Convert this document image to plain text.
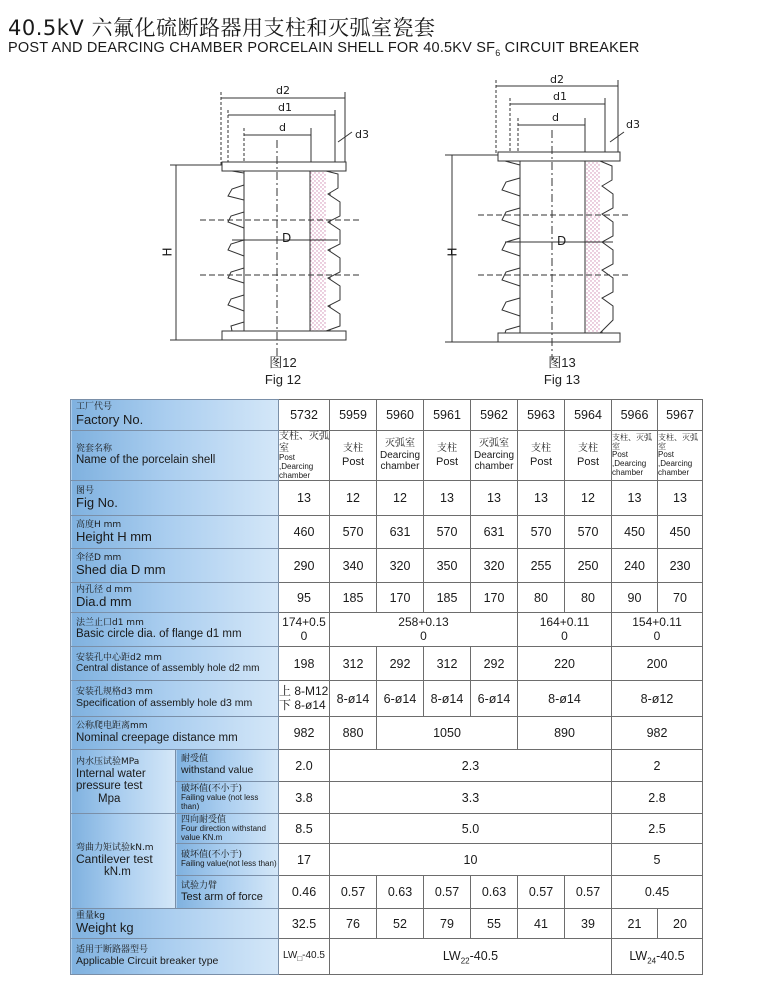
40.5kV 六氟化硫断路器用支柱和灭弧室瓷套
POST AND DEARCING CHAMBER PORCELAIN SHELL FOR 40.5KV $SF_6$ CIRCUIT BREAKER
d2
d1
d
d3
D
H
d2
d1
d
d3
D
H
图12
Fig 12
图13
Fig 13
工厂代号
Factory No.		5732	5959	5960	5961	5962	5963	5964	5966	5967

瓷套名称
Name of the porcelain shell		支柱、灭弧室
Post ,Dearcing chamber	支柱
Post	灭弧室
Dearcing
chamber	支柱
Post	灭弧室
Dearcing
chamber	支柱
Post	支柱
Post	支柱、灭弧室
Post ,Dearcing chamber	支柱、灭弧室
Post ,Dearcing chamber

图号
Fig No.		13	12	12	13	13	13	12	13	13

高度H mm
Height H mm		460	570	631	570	631	570	570	450	450

伞径D mm
Shed dia D mm		290	340	320	350	320	255	250	240	230

内孔径 d mm
Dia.d mm		95	185	170	185	170	80	80	90	70

法兰止口d1 mm
Basic circle dia. of flange d1 mm		174+0.5
0	258+0.13
0				164+0.11
0		154+0.11
0	

安装孔中心距d2 mm
Central distance of assembly hole d2 mm		198	312	292	312	292	220		200	

安装孔规格d3 mm
Specification of assembly hole d3 mm		上 8-M12
下 8-ø14	8-ø14	6-ø14	8-ø14	6-ø14	8-ø14		8-ø12	

公称爬电距离mm
Nominal creepage distance mm		982	880	1050			890		982	

内水压试验MPa
Internal water
pressure test
Mpa	耐受值
withstand value	2.0	2.3						2	

	破坏值(不小于)
Failing value (not less than)	3.8	3.3						2.8	

弯曲力矩试验kN.m
Cantilever test
kN.m	四向耐受值
Four direction withstand
value KN.m	8.5	5.0						2.5	

	破坏值(不小于)
Failing value(not less than)	17	10						5	

	试验力臂
Test arm of force	0.46	0.57	0.63	0.57	0.63	0.57	0.57	0.45	

重量kg
Weight kg		32.5	76	52	79	55	41	39	21	20

适用于断路器型号
Applicable Circuit breaker type		$LW_□-40.5$	$LW_{22}-40.5$						$LW_{24}-40.5$	
